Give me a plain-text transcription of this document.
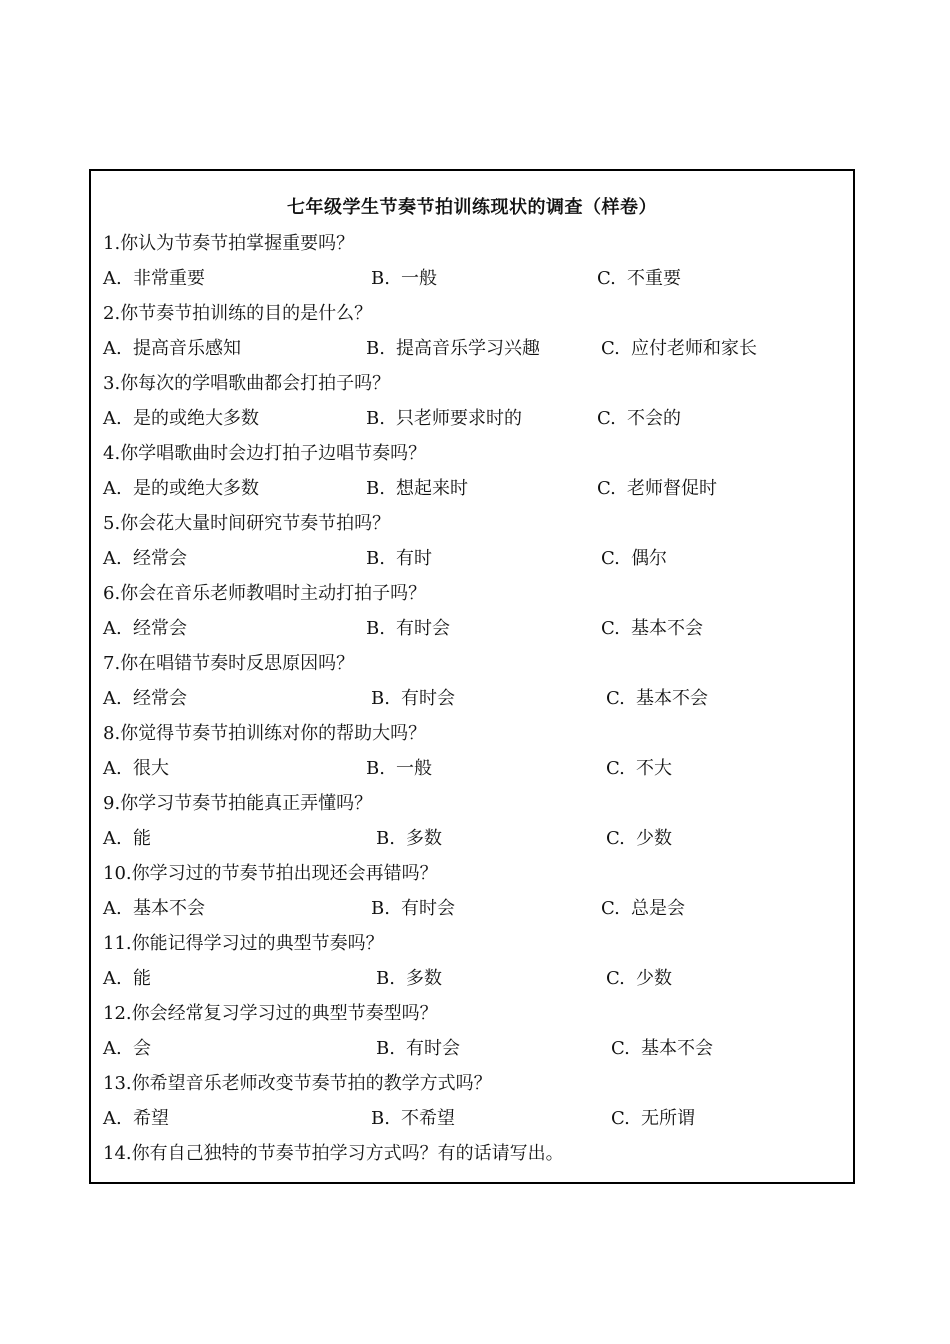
七年级学生节奏节拍训练现状的调查（样卷）
1.你认为节奏节拍掌握重要吗？
A. 非常重要	B. 一般	C. 不重要
2.你节奏节拍训练的目的是什么？
A. 提高音乐感知	B. 提高音乐学习兴趣	C. 应付老师和家长
3.你每次的学唱歌曲都会打拍子吗？
A. 是的或绝大多数	B. 只老师要求时的	C. 不会的
4.你学唱歌曲时会边打拍子边唱节奏吗？
A. 是的或绝大多数	B. 想起来时	C. 老师督促时
5.你会花大量时间研究节奏节拍吗？
A. 经常会	B. 有时	C. 偶尔
6.你会在音乐老师教唱时主动打拍子吗？
A. 经常会	B. 有时会	C. 基本不会
7.你在唱错节奏时反思原因吗？
A. 经常会	B. 有时会	C. 基本不会
8.你觉得节奏节拍训练对你的帮助大吗？
A. 很大	B. 一般	C. 不大
9.你学习节奏节拍能真正弄懂吗？
A. 能	B. 多数	C. 少数
10.你学习过的节奏节拍出现还会再错吗？
A. 基本不会	B. 有时会	C. 总是会
11.你能记得学习过的典型节奏吗？
A. 能	B. 多数	C. 少数
12.你会经常复习学习过的典型节奏型吗？
A. 会	B. 有时会	C. 基本不会
13.你希望音乐老师改变节奏节拍的教学方式吗？
A. 希望	B. 不希望	C. 无所谓
14.你有自己独特的节奏节拍学习方式吗？有的话请写出。
